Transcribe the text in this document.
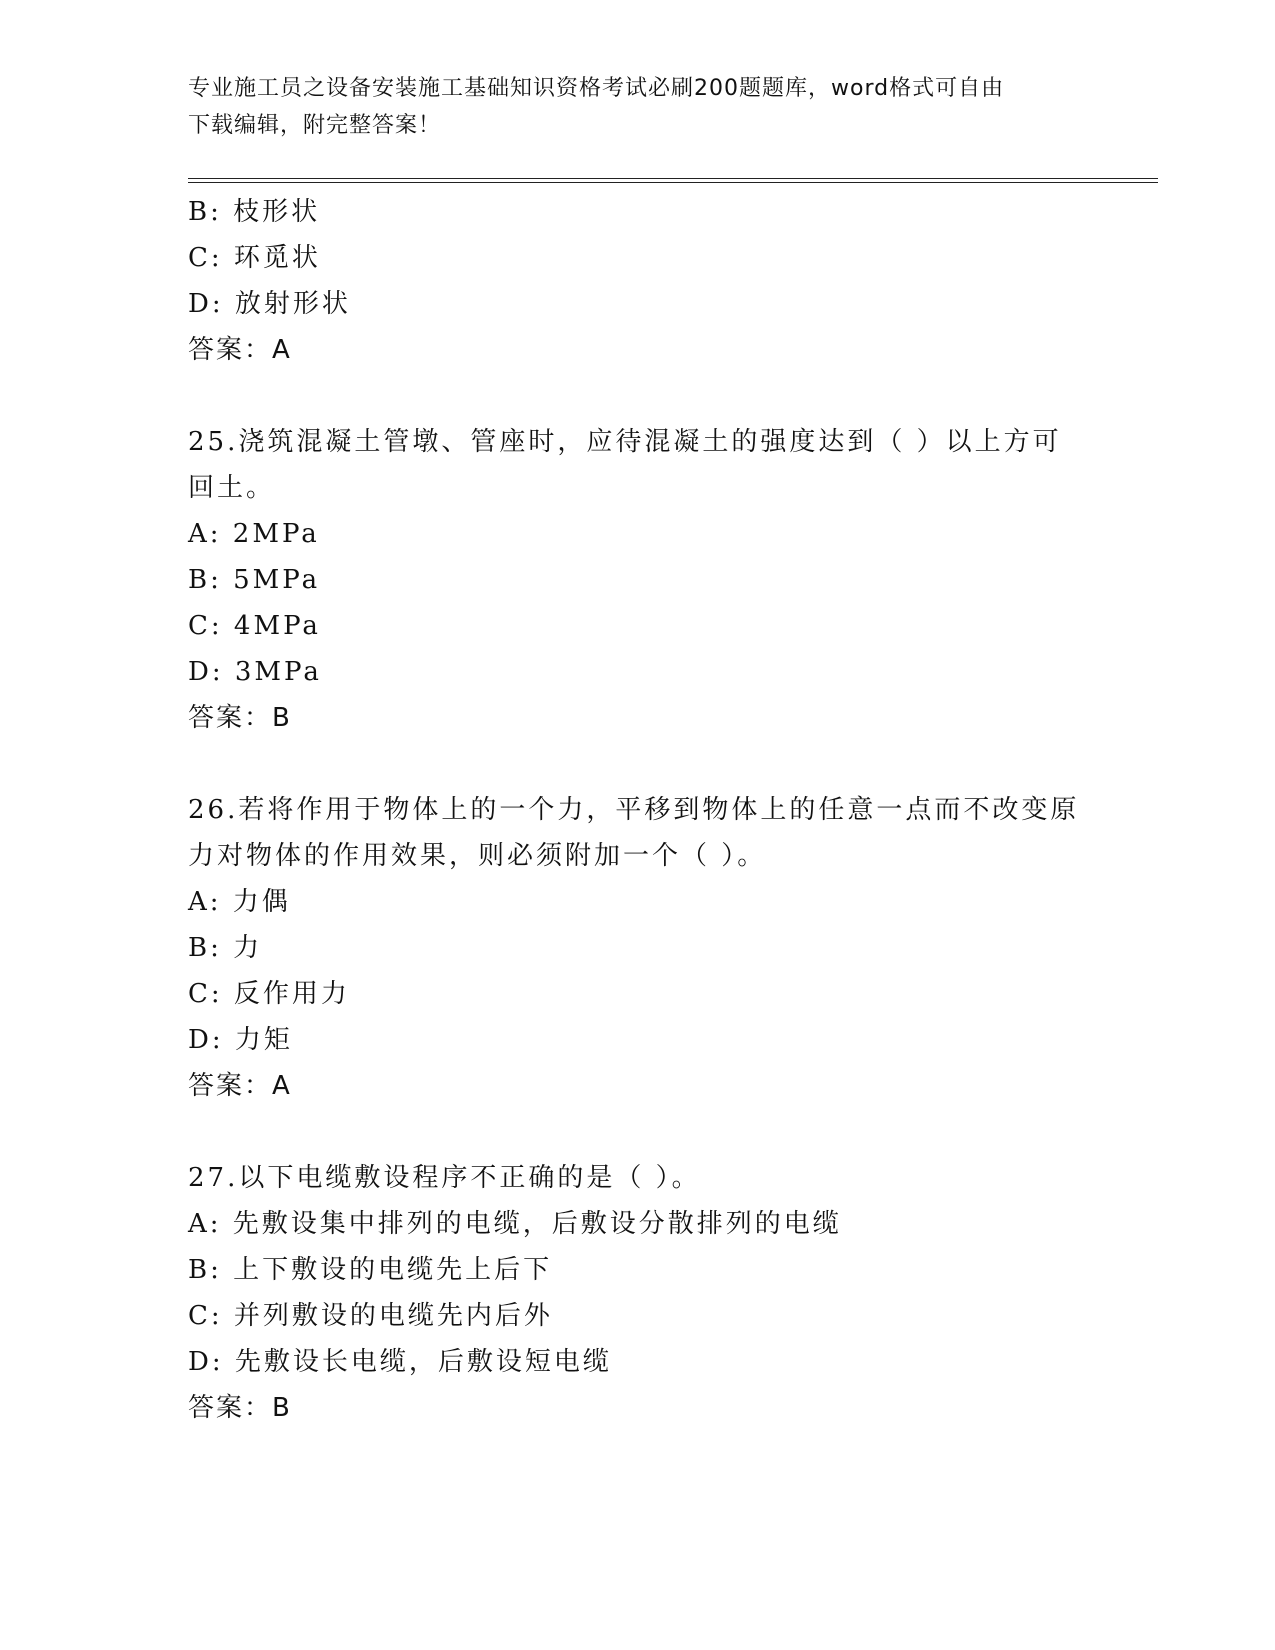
专业施工员之设备安装施工基础知识资格考试必刷200题题库，word格式可自由
下载编辑，附完整答案！
B: 枝形状
C: 环觅状
D: 放射形状
答案：A
25.浇筑混凝土管墩、管座时，应待混凝土的强度达到（ ）以上方可
回土。
A: 2MPa
B: 5MPa
C: 4MPa
D: 3MPa
答案：B
26.若将作用于物体上的一个力，平移到物体上的任意一点而不改变原
力对物体的作用效果，则必须附加一个（ ）。
A: 力偶
B: 力
C: 反作用力
D: 力矩
答案：A
27.以下电缆敷设程序不正确的是（ ）。
A: 先敷设集中排列的电缆，后敷设分散排列的电缆
B: 上下敷设的电缆先上后下
C: 并列敷设的电缆先内后外
D: 先敷设长电缆，后敷设短电缆
答案：B
